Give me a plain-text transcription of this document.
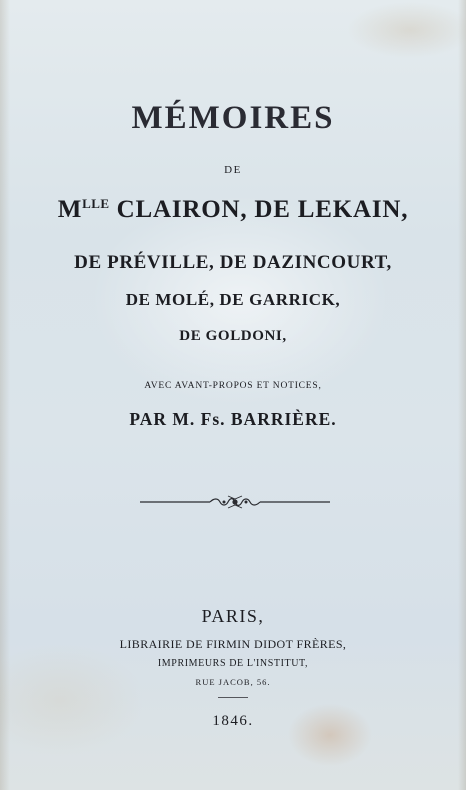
MÉMOIRES
DE
$M^{LLE}$ CLAIRON, DE LEKAIN,
DE PRÉVILLE, DE DAZINCOURT,
DE MOLÉ, DE GARRICK,
DE GOLDONI,
AVEC AVANT-PROPOS ET NOTICES,
PAR M. Fs. BARRIÈRE.
PARIS,
LIBRAIRIE DE FIRMIN DIDOT FRÈRES,
IMPRIMEURS DE L'INSTITUT,
RUE JACOB, 56.
1846.
